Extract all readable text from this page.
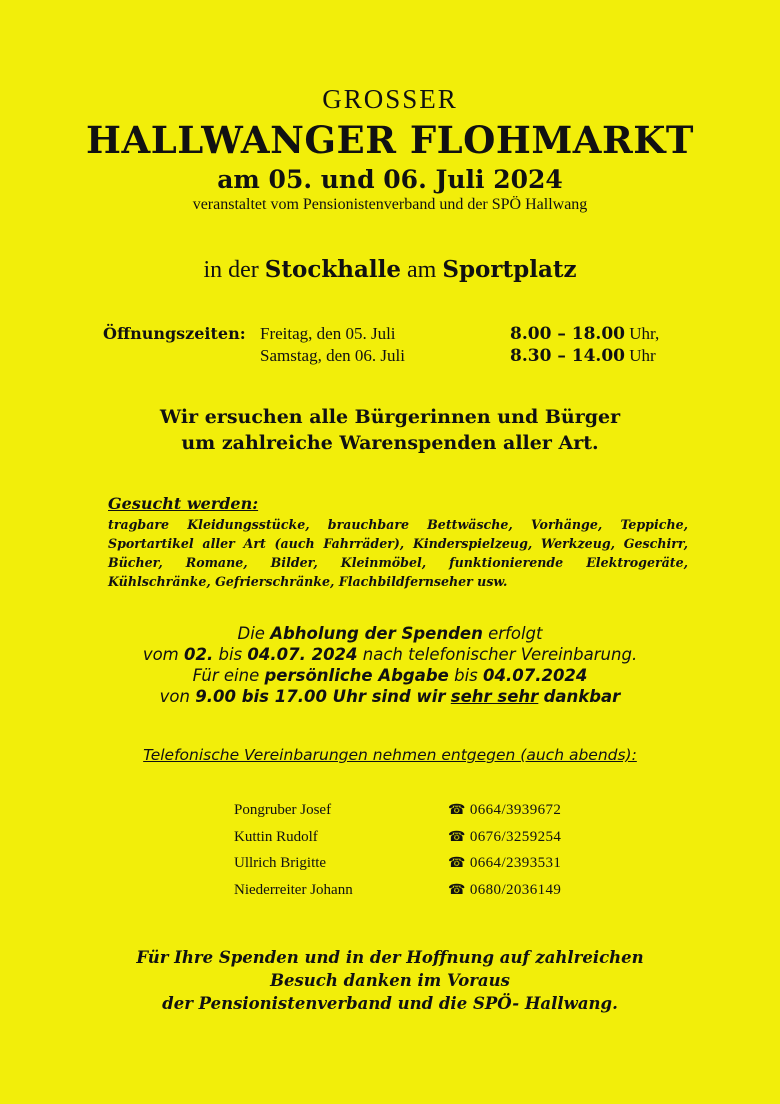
GROSSER
HALLWANGER FLOHMARKT
am 05. und 06. Juli 2024
veranstaltet vom Pensionistenverband und der SPÖ Hallwang
in der Stockhalle am Sportplatz
Öffnungszeiten: Freitag, den 05. Juli	8.00 – 18.00 Uhr,
Samstag, den 06. Juli	8.30 – 14.00 Uhr
Wir ersuchen alle Bürgerinnen und Bürger
um zahlreiche Warenspenden aller Art.
Gesucht werden:
tragbare Kleidungsstücke, brauchbare Bettwäsche, Vorhänge, Teppiche, Sportartikel aller Art (auch Fahrräder), Kinderspielzeug, Werkzeug, Geschirr, Bücher, Romane, Bilder, Kleinmöbel, funktionierende Elektrogeräte, Kühlschränke, Gefrierschränke, Flachbildfernseher usw.
Die Abholung der Spenden erfolgt
vom 02. bis 04.07. 2024 nach telefonischer Vereinbarung.
Für eine persönliche Abgabe bis 04.07.2024
von 9.00 bis 17.00 Uhr sind wir sehr sehr dankbar
Telefonische Vereinbarungen nehmen entgegen (auch abends):
Pongruber Josef	☎ 0664/3939672
Kuttin Rudolf	☎ 0676/3259254
Ullrich Brigitte	☎ 0664/2393531
Niederreiter Johann	☎ 0680/2036149
Für Ihre Spenden und in der Hoffnung auf zahlreichen
Besuch danken im Voraus
der Pensionistenverband und die SPÖ- Hallwang.
